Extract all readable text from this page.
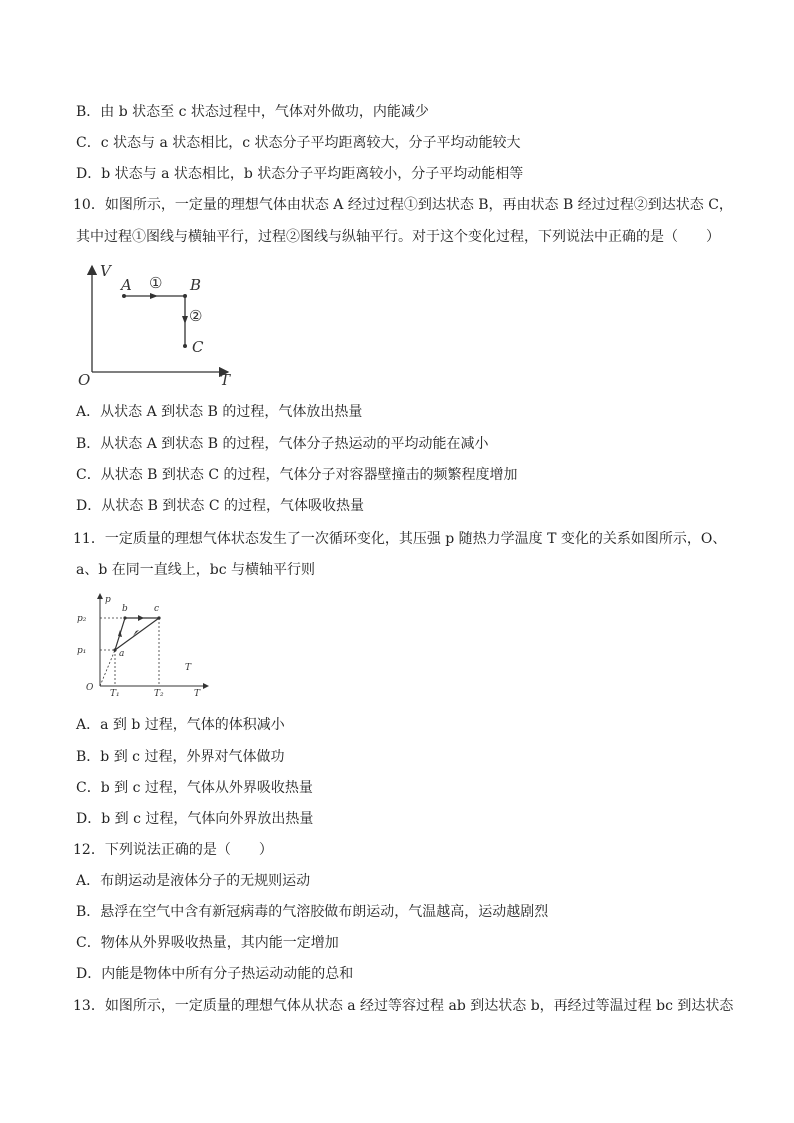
B．由 b 状态至 c 状态过程中，气体对外做功，内能减少
C．c 状态与 a 状态相比，c 状态分子平均距离较大，分子平均动能较大
D．b 状态与 a 状态相比，b 状态分子平均距离较小，分子平均动能相等
10．如图所示，一定量的理想气体由状态 A 经过过程①到达状态 B，再由状态 B 经过过程②到达状态 C，
其中过程①图线与横轴平行，过程②图线与纵轴平行。对于这个变化过程，下列说法中正确的是（　　）
V
T
O
A	B
C
①
②
A．从状态 A 到状态 B 的过程，气体放出热量
B．从状态 A 到状态 B 的过程，气体分子热运动的平均动能在减小
C．从状态 B 到状态 C 的过程，气体分子对容器壁撞击的频繁程度增加
D．从状态 B 到状态 C 的过程，气体吸收热量
11．一定质量的理想气体状态发生了一次循环变化，其压强 p 随热力学温度 T 变化的关系如图所示，O、
a、b 在同一直线上，bc 与横轴平行则
p
T
T
O
a
b	c
p₂
p₁
T₁	T₂
A．a 到 b 过程，气体的体积减小
B．b 到 c 过程，外界对气体做功
C．b 到 c 过程，气体从外界吸收热量
D．b 到 c 过程，气体向外界放出热量
12．下列说法正确的是（　　）
A．布朗运动是液体分子的无规则运动
B．悬浮在空气中含有新冠病毒的气溶胶做布朗运动，气温越高，运动越剧烈
C．物体从外界吸收热量，其内能一定增加
D．内能是物体中所有分子热运动动能的总和
13．如图所示，一定质量的理想气体从状态 a 经过等容过程 ab 到达状态 b，再经过等温过程 bc 到达状态
